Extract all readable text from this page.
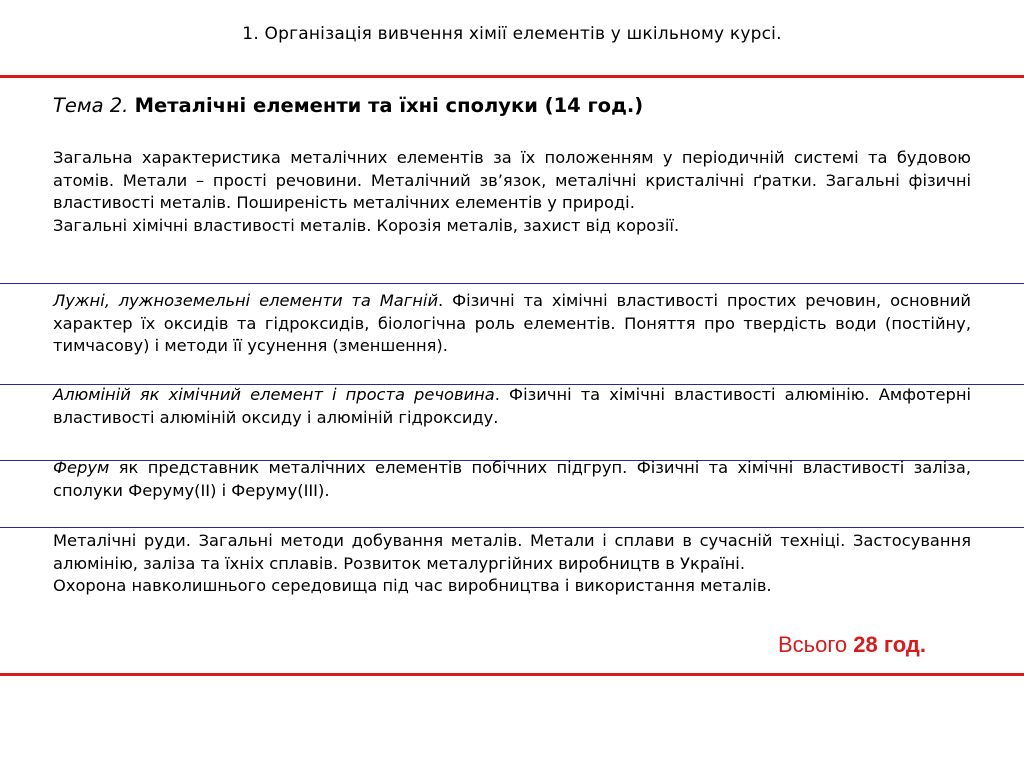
1. Організація вивчення хімії елементів у шкільному курсі.
Тема 2. Металічні елементи та їхні сполуки (14 год.)

Загальна характеристика металічних елементів за їх положенням у періодичній системі та будовою атомів. Метали – прості речовини. Металічний зв’язок, металічні кристалічні ґратки. Загальні фізичні властивості металів. Поширеність металічних елементів у природі.

Загальні хімічні властивості металів. Корозія металів, захист від корозії.

Лужні, лужноземельні елементи та Магній. Фізичні та хімічні властивості простих речовин, основний характер їх оксидів та гідроксидів, біологічна роль елементів. Поняття про твердість води (постійну, тимчасову) і методи її усунення (зменшення).

Алюміній як хімічний елемент і проста речовина. Фізичні та хімічні властивості алюмінію. Амфотерні властивості алюміній оксиду і алюміній гідроксиду.

Ферум як представник металічних елементів побічних підгруп. Фізичні та хімічні властивості заліза, сполуки Феруму(ІІ) і Феруму(ІІІ).

Металічні руди. Загальні методи добування металів. Метали і сплави в сучасній техніці. Застосування алюмінію, заліза та їхніх сплавів. Розвиток металургійних виробництв в Україні.

Охорона навколишнього середовища під час виробництва і використання металів.

Всього 28 год.
